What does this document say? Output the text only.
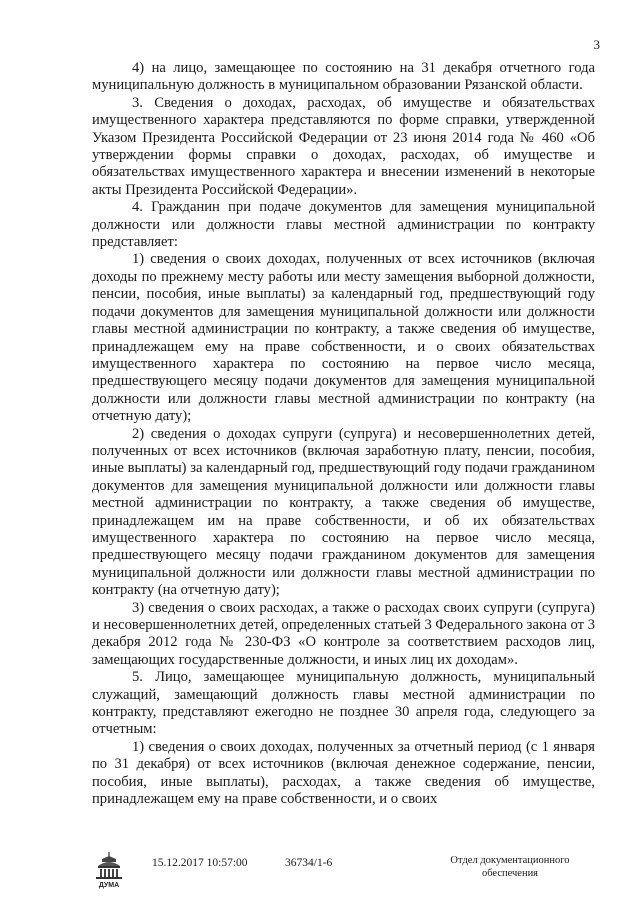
3

4) на лицо, замещающее по состоянию на 31 декабря отчетного года муниципальную должность в муниципальном образовании Рязанской области.

3. Сведения о доходах, расходах, об имуществе и обязательствах имущественного характера представляются по форме справки, утвержденной Указом Президента Российской Федерации от 23 июня 2014 года № 460 «Об утверждении формы справки о доходах, расходах, об имуществе и обязательствах имущественного характера и внесении изменений в некоторые акты Президента Российской Федерации».

4. Гражданин при подаче документов для замещения муниципальной должности или должности главы местной администрации по контракту представляет:

1) сведения о своих доходах, полученных от всех источников (включая доходы по прежнему месту работы или месту замещения выборной должности, пенсии, пособия, иные выплаты) за календарный год, предшествующий году подачи документов для замещения муниципальной должности или должности главы местной администрации по контракту, а также сведения об имуществе, принадлежащем ему на праве собственности, и о своих обязательствах имущественного характера по состоянию на первое число месяца, предшествующего месяцу подачи документов для замещения муниципальной должности или должности главы местной администрации по контракту (на отчетную дату);

2) сведения о доходах супруги (супруга) и несовершеннолетних детей, полученных от всех источников (включая заработную плату, пенсии, пособия, иные выплаты) за календарный год, предшествующий году подачи гражданином документов для замещения муниципальной должности или должности главы местной администрации по контракту, а также сведения об имуществе, принадлежащем им на праве собственности, и об их обязательствах имущественного характера по состоянию на первое число месяца, предшествующего месяцу подачи гражданином документов для замещения муниципальной должности или должности главы местной администрации по контракту (на отчетную дату);

3) сведения о своих расходах, а также о расходах своих супруги (супруга) и несовершеннолетних детей, определенных статьей 3 Федерального закона от 3 декабря 2012 года № 230-ФЗ «О контроле за соответствием расходов лиц, замещающих государственные должности, и иных лиц их доходам».

5. Лицо, замещающее муниципальную должность, муниципальный служащий, замещающий должность главы местной администрации по контракту, представляют ежегодно не позднее 30 апреля года, следующего за отчетным:

1) сведения о своих доходах, полученных за отчетный период (с 1 января по 31 декабря) от всех источников (включая денежное содержание, пенсии, пособия, иные выплаты), расходах, а также сведения об имуществе, принадлежащем ему на праве собственности, и о своих

ДУМА
15.12.2017 10:57:00	36734/1-6	Отдел документационного
обеспечения
